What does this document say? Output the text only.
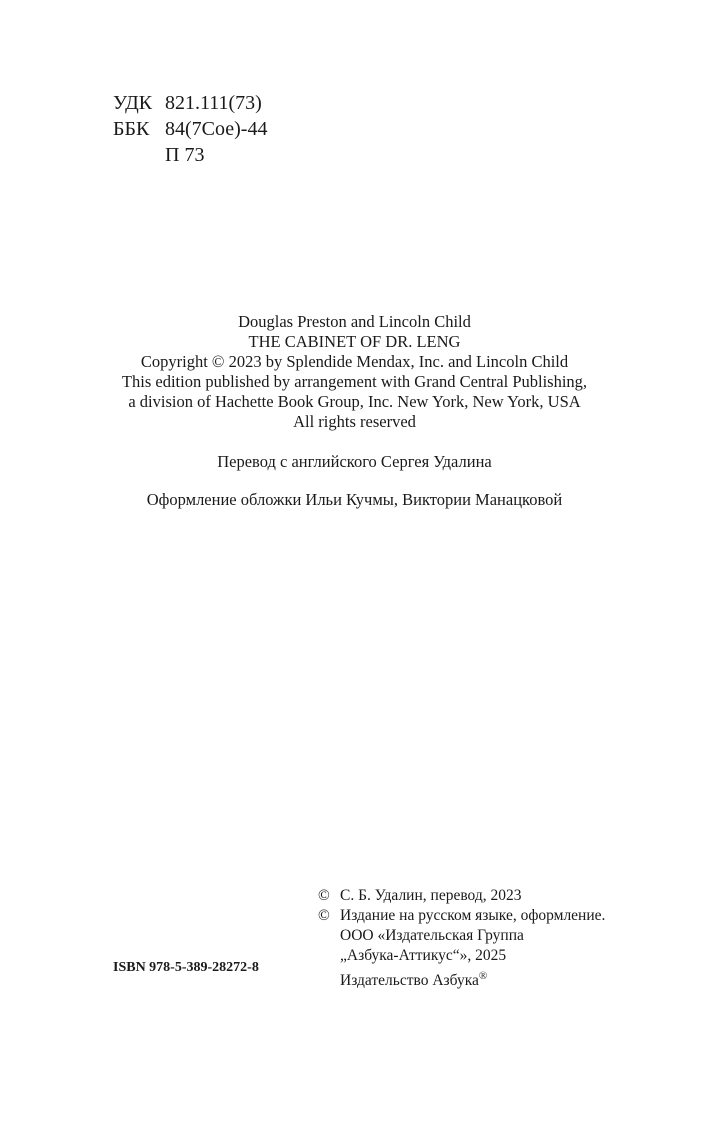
УДК 821.111(73)
ББК 84(7Сое)-44
П 73
Douglas Preston and Lincoln Child
THE CABINET OF DR. LENG
Copyright © 2023 by Splendide Mendax, Inc. and Lincoln Child
This edition published by arrangement with Grand Central Publishing,
a division of Hachette Book Group, Inc. New York, New York, USA
All rights reserved
Перевод с английского Сергея Удалина
Оформление обложки Ильи Кучмы, Виктории Манацковой
ISBN 978-5-389-28272-8
© С. Б. Удалин, перевод, 2023
© Издание на русском языке, оформление.
ООО «Издательская Группа
„Азбука-Аттикус“», 2025
Издательство Азбука®
